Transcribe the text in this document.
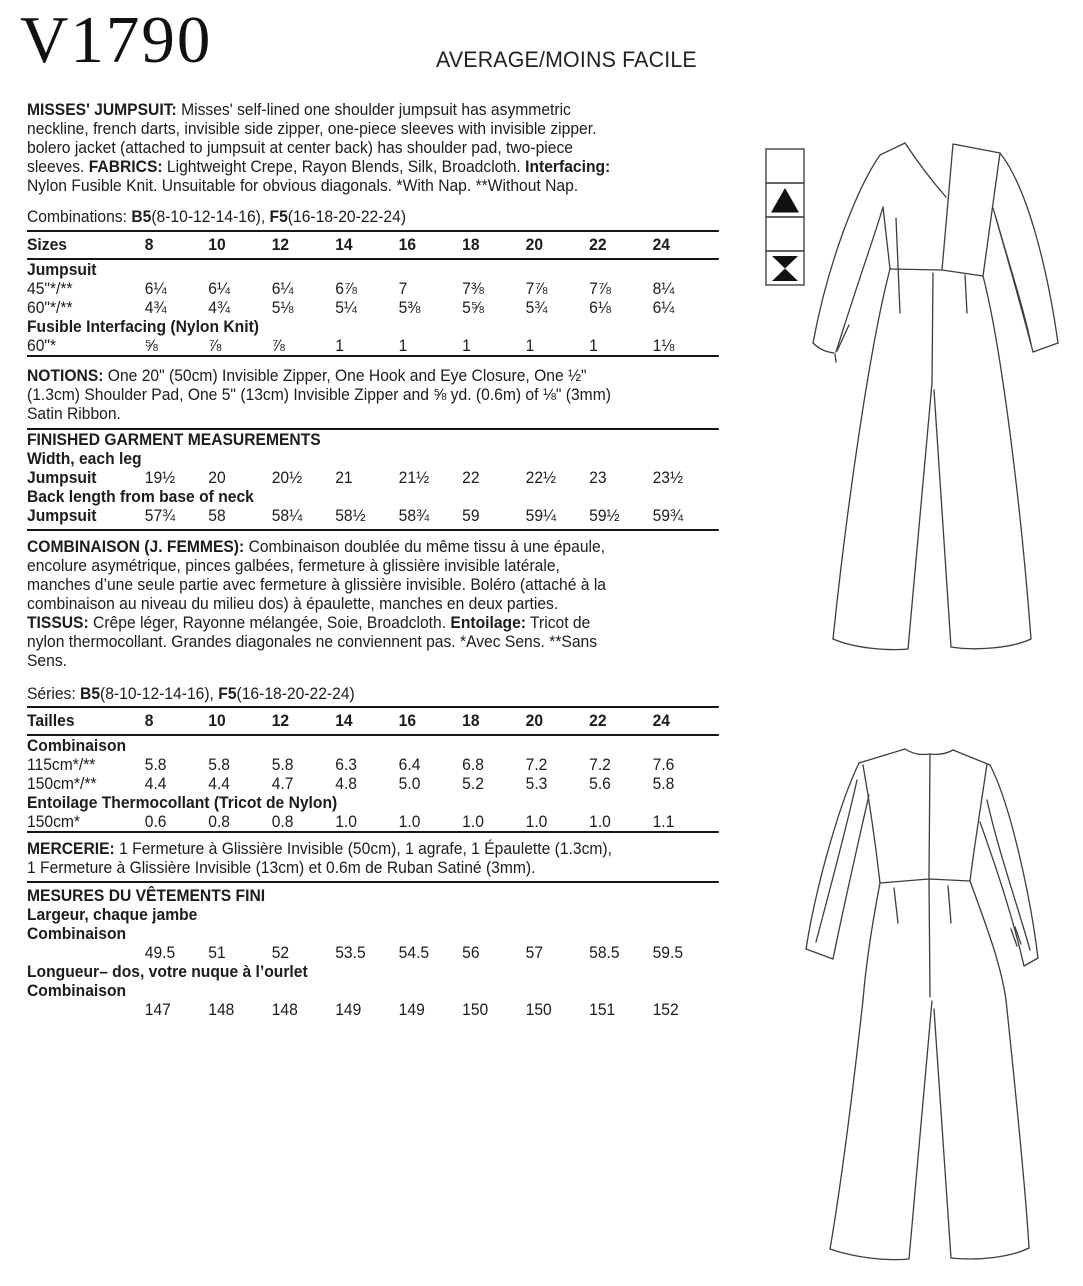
V1790	AVERAGE/MOINS FACILE

MISSES' JUMPSUIT: Misses' self-lined one shoulder jumpsuit has asymmetric
neckline, french darts, invisible side zipper, one-piece sleeves with invisible zipper.
bolero jacket (attached to jumpsuit at center back) has shoulder pad, two-piece
sleeves. FABRICS: Lightweight Crepe, Rayon Blends, Silk, Broadcloth. Interfacing:
Nylon Fusible Knit. Unsuitable for obvious diagonals. *With Nap. **Without Nap.

Combinations: B5(8-10-12-14-16), F5(16-18-20-22-24)

Sizes	8	10	12	14	16	18	20	22	24
Jumpsuit
45"*/**	6¼	6¼	6¼	6⅞	7	7⅜	7⅞	7⅞	8¼
60"*/**	4¾	4¾	5⅛	5¼	5⅜	5⅝	5¾	6⅛	6¼
Fusible Interfacing (Nylon Knit)
60"*	⅝	⅞	⅞	1	1	1	1	1	1⅛

NOTIONS: One 20" (50cm) Invisible Zipper, One Hook and Eye Closure, One ½"
(1.3cm) Shoulder Pad, One 5" (13cm) Invisible Zipper and ⅝ yd. (0.6m) of ⅛" (3mm)
Satin Ribbon.

FINISHED GARMENT MEASUREMENTS
Width, each leg
Jumpsuit	19½	20	20½	21	21½	22	22½	23	23½
Back length from base of neck
Jumpsuit	57¾	58	58¼	58½	58¾	59	59¼	59½	59¾

COMBINAISON (J. FEMMES): Combinaison doublée du même tissu à une épaule,
encolure asymétrique, pinces galbées, fermeture à glissière invisible latérale,
manches d’une seule partie avec fermeture à glissière invisible. Boléro (attaché à la
combinaison au niveau du milieu dos) à épaulette, manches en deux parties.
TISSUS: Crêpe léger, Rayonne mélangée, Soie, Broadcloth. Entoilage: Tricot de
nylon thermocollant. Grandes diagonales ne conviennent pas. *Avec Sens. **Sans
Sens.

Séries: B5(8-10-12-14-16), F5(16-18-20-22-24)

Tailles	8	10	12	14	16	18	20	22	24
Combinaison
115cm*/**	5.8	5.8	5.8	6.3	6.4	6.8	7.2	7.2	7.6
150cm*/**	4.4	4.4	4.7	4.8	5.0	5.2	5.3	5.6	5.8
Entoilage Thermocollant (Tricot de Nylon)
150cm*	0.6	0.8	0.8	1.0	1.0	1.0	1.0	1.0	1.1

MERCERIE: 1 Fermeture à Glissière Invisible (50cm), 1 agrafe, 1 Épaulette (1.3cm),
1 Fermeture à Glissière Invisible (13cm) et 0.6m de Ruban Satiné (3mm).

MESURES DU VÊTEMENTS FINI
Largeur, chaque jambe
Combinaison
49.5	51	52	53.5	54.5	56	57	58.5	59.5
Longueur– dos, votre nuque à l’ourlet
Combinaison
147	148	148	149	149	150	150	151	152
